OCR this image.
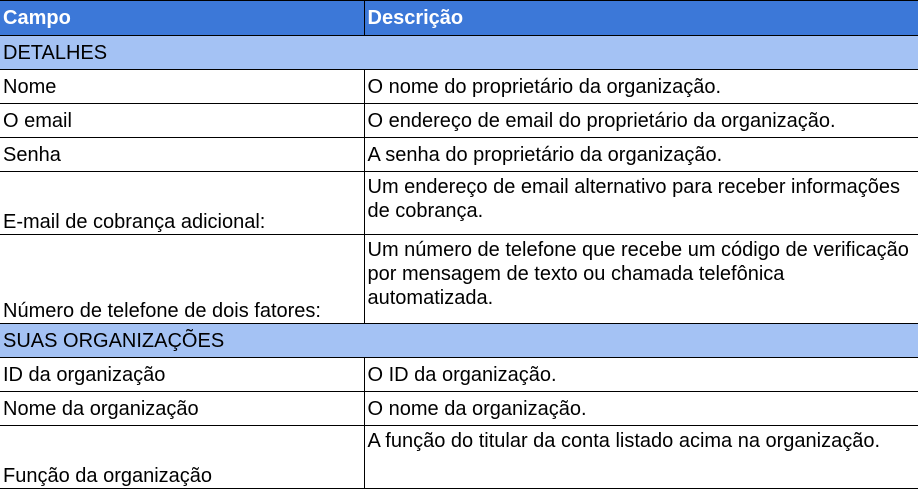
Campo	Descrição
DETALHES	
Nome	O nome do proprietário da organização.
O email	O endereço de email do proprietário da organização.
Senha	A senha do proprietário da organização.
E-mail de cobrança adicional:	Um endereço de email alternativo para receber informações de cobrança.
Número de telefone de dois fatores:	Um número de telefone que recebe um código de verificação por mensagem de texto ou chamada telefônica automatizada.
SUAS ORGANIZAÇÕES	
ID da organização	O ID da organização.
Nome da organização	O nome da organização.
Função da organização	A função do titular da conta listado acima na organização.
